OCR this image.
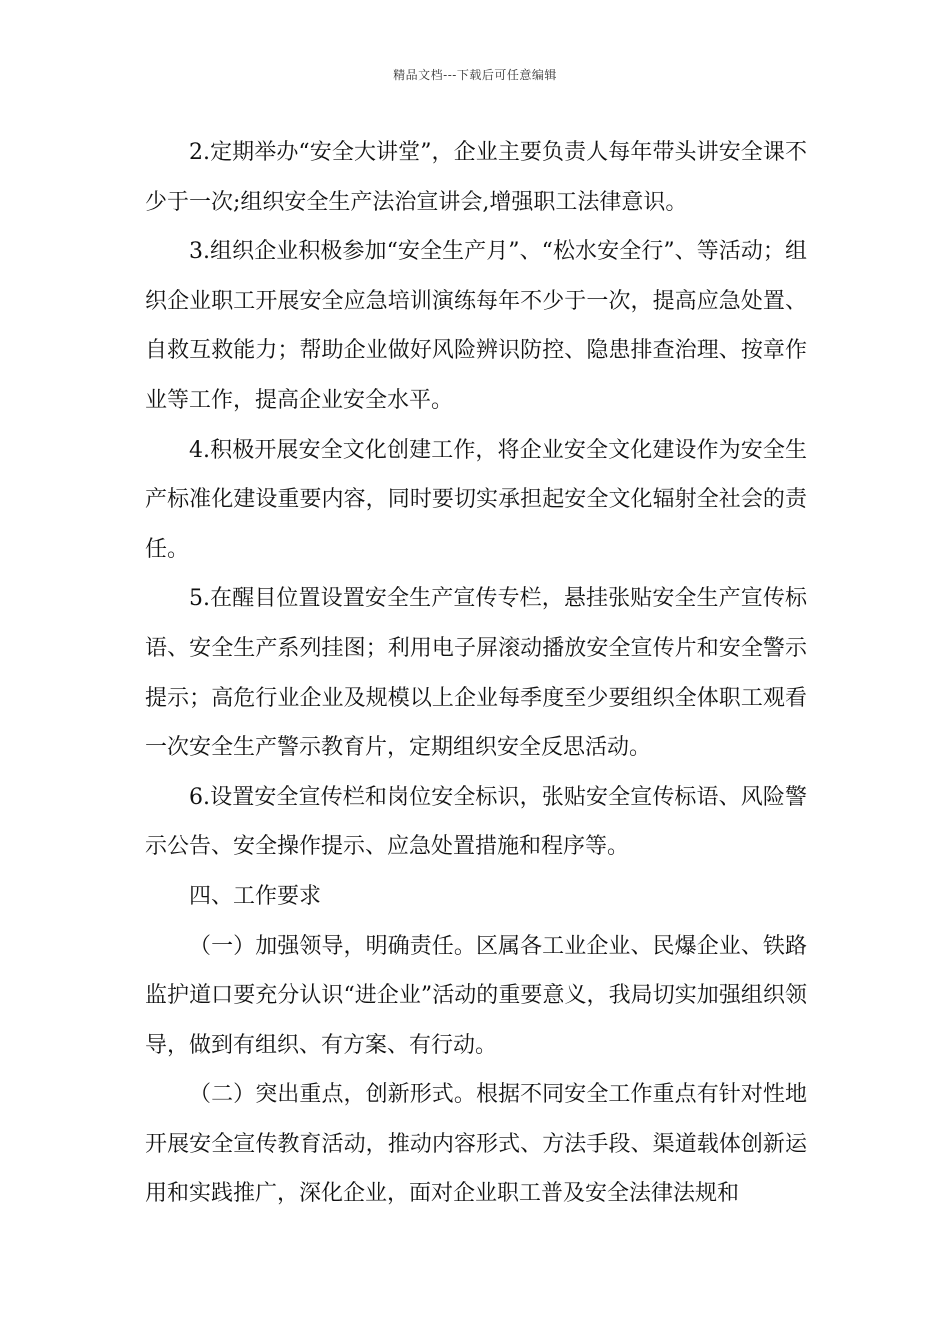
精品文档---下载后可任意编辑

2.定期举办“安全大讲堂”，企业主要负责人每年带头讲安全课不少于一次;组织安全生产法治宣讲会,增强职工法律意识。

3.组织企业积极参加“安全生产月”、“松水安全行”、等活动；组织企业职工开展安全应急培训演练每年不少于一次，提高应急处置、自救互救能力；帮助企业做好风险辨识防控、隐患排查治理、按章作业等工作，提高企业安全水平。

4.积极开展安全文化创建工作，将企业安全文化建设作为安全生产标准化建设重要内容，同时要切实承担起安全文化辐射全社会的责任。

5.在醒目位置设置安全生产宣传专栏，悬挂张贴安全生产宣传标语、安全生产系列挂图；利用电子屏滚动播放安全宣传片和安全警示提示；高危行业企业及规模以上企业每季度至少要组织全体职工观看一次安全生产警示教育片，定期组织安全反思活动。

6.设置安全宣传栏和岗位安全标识，张贴安全宣传标语、风险警示公告、安全操作提示、应急处置措施和程序等。

四、工作要求

（一）加强领导，明确责任。区属各工业企业、民爆企业、铁路监护道口要充分认识“进企业”活动的重要意义，我局切实加强组织领导，做到有组织、有方案、有行动。

（二）突出重点，创新形式。根据不同安全工作重点有针对性地开展安全宣传教育活动，推动内容形式、方法手段、渠道载体创新运用和实践推广，深化企业，面对企业职工普及安全法律法规和
